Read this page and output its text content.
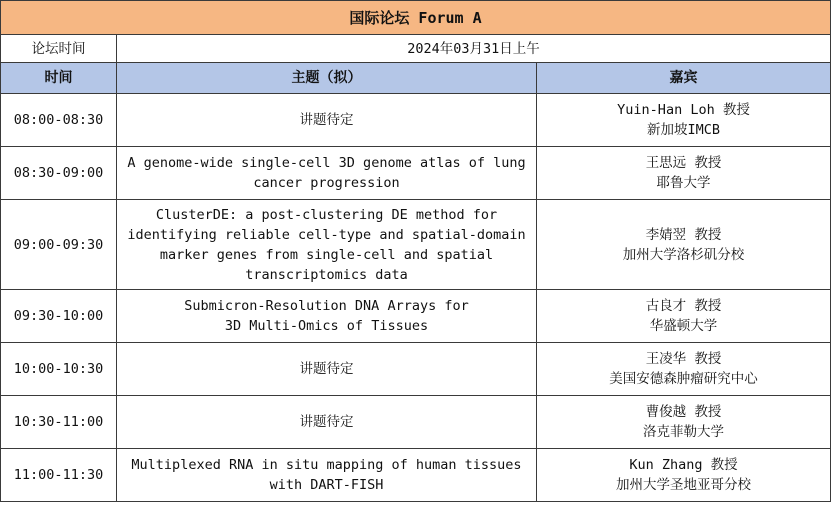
国际论坛 Forum A		
论坛时间	2024年03月31日上午	
时间	主题（拟）	嘉宾
08:00-08:30	讲题待定	Yuin-Han Loh 教授
新加坡IMCB
08:30-09:00	A genome-wide single-cell 3D genome atlas of lung
cancer progression	王思远 教授
耶鲁大学
09:00-09:30	ClusterDE: a post-clustering DE method for
identifying reliable cell-type and spatial-domain
marker genes from single-cell and spatial
transcriptomics data	李婧翌 教授
加州大学洛杉矶分校
09:30-10:00	Submicron-Resolution DNA Arrays for
3D Multi-Omics of Tissues	古良才 教授
华盛顿大学
10:00-10:30	讲题待定	王凌华 教授
美国安德森肿瘤研究中心
10:30-11:00	讲题待定	曹俊越 教授
洛克菲勒大学
11:00-11:30	Multiplexed RNA in situ mapping of human tissues
with DART-FISH	Kun Zhang 教授
加州大学圣地亚哥分校
